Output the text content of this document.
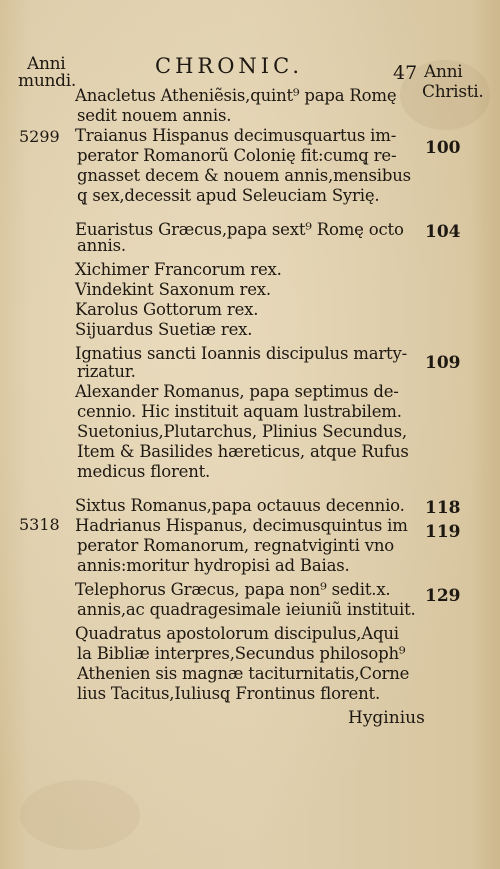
Anni
mundi.
CHRONIC.	47 Anni
Christi.
Anacletus Atheniẽsis,quint⁹ papa Romę
sedit nouem annis.
5299 Traianus Hispanus decimusquartus im‐
100
perator Romanorũ Colonię fit:cumq̨ re‐
gnasset decem & nouem annis,mensibus
q̨ sex,decessit apud Seleuciam Syrię.
Euaristus Græcus,papa sext⁹ Romę octo 104
annis.
Xichimer Francorum rex.
Vindekint Saxonum rex.
Karolus Gottorum rex.
Sijuardus Suetiæ rex.
Ignatius sancti Ioannis discipulus marty‐ 109
rizatur.
Alexander Romanus, papa septimus de‐
cennio. Hic instituit aquam lustrabilem.
Suetonius,Plutarchus, Plinius Secundus,
Item & Basilides hæreticus, atque Rufus
medicus florent.
Sixtus Romanus,papa octauus decennio. 118
5318 Hadrianus Hispanus, decimusquintus im 119
perator Romanorum, regnatviginti vno
annis:moritur hydropisi ad Baias.
Telephorus Græcus, papa non⁹ sedit.x. 129
annis,ac quadragesimale ieiuniũ instituit.
Quadratus apostolorum discipulus,Aqui
la Bibliæ interpres,Secundus philosoph⁹
Athenien sis magnæ taciturnitatis,Corne
lius Tacitus,Iuliusq̨ Frontinus florent.
Hyginius
